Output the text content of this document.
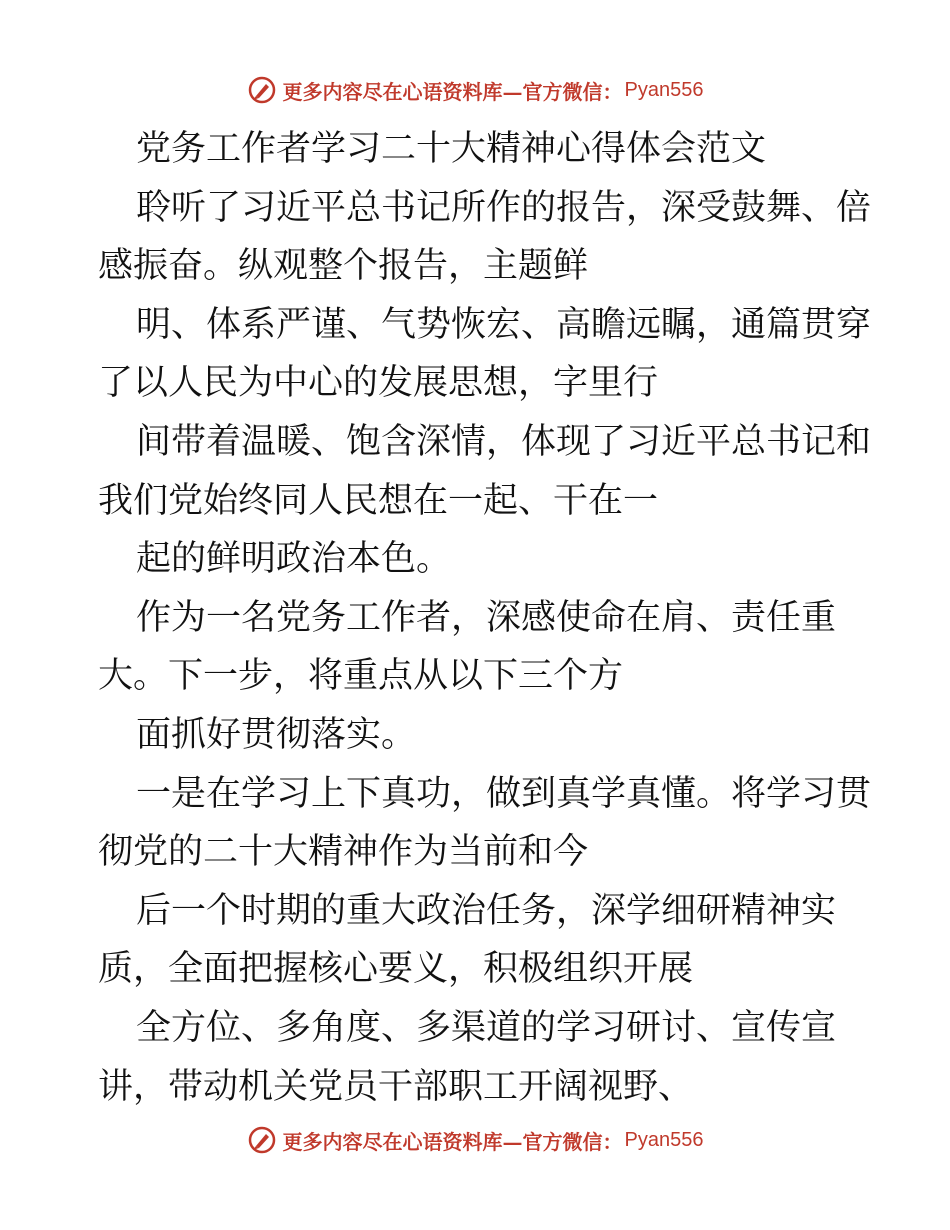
更多内容尽在心语资料库—官方微信： Pyan556

党务工作者学习二十大精神心得体会范文

聆听了习近平总书记所作的报告，深受鼓舞、倍

感振奋。纵观整个报告，主题鲜

明、体系严谨、气势恢宏、高瞻远瞩，通篇贯穿

了以人民为中心的发展思想，字里行

间带着温暖、饱含深情，体现了习近平总书记和

我们党始终同人民想在一起、干在一

起的鲜明政治本色。

作为一名党务工作者，深感使命在肩、责任重

大。下一步，将重点从以下三个方

面抓好贯彻落实。

一是在学习上下真功，做到真学真懂。将学习贯

彻党的二十大精神作为当前和今

后一个时期的重大政治任务，深学细研精神实

质，全面把握核心要义，积极组织开展

全方位、多角度、多渠道的学习研讨、宣传宣

讲，带动机关党员干部职工开阔视野、

更多内容尽在心语资料库—官方微信： Pyan556
